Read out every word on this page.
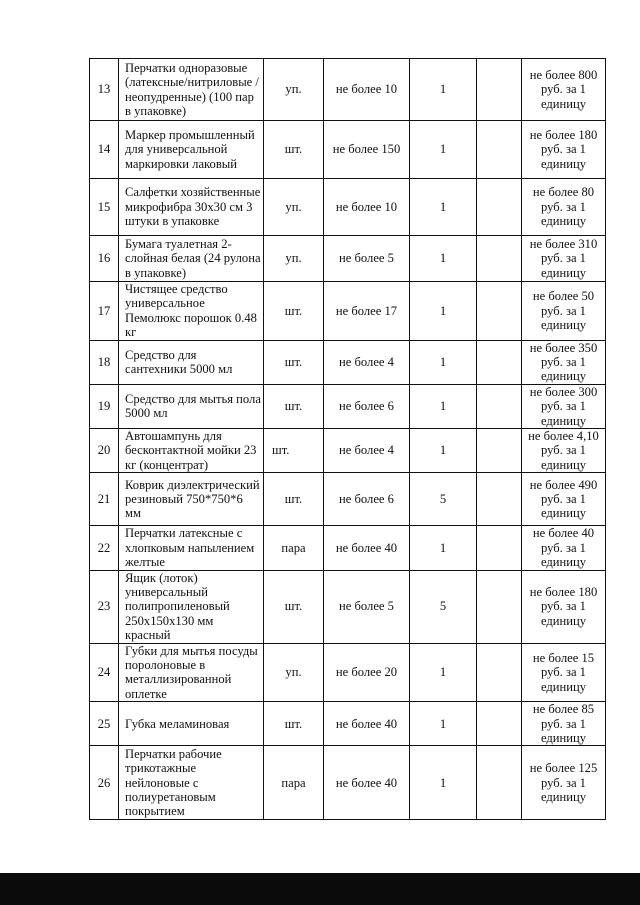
13	Перчатки одноразовые (латексные/нитриловые /неопудренные) (100 пар в упаковке)	уп.	не более 10	1		не более 800 руб. за 1 единицу
14	Маркер промышленный для универсальной маркировки лаковый	шт.	не более 150	1		не более 180 руб. за 1 единицу
15	Салфетки хозяйственные микрофибра 30х30 см 3 штуки в упаковке	уп.	не более 10	1		не более 80 руб. за 1 единицу
16	Бумага туалетная 2-слойная белая (24 рулона в упаковке)	уп.	не более 5	1		не более 310 руб. за 1 единицу
17	Чистящее средство универсальное Пемолюкс порошок 0.48 кг	шт.	не более 17	1		не более 50 руб. за 1 единицу
18	Средство для сантехники 5000 мл	шт.	не более 4	1		не более 350 руб. за 1 единицу
19	Средство для мытья пола 5000 мл	шт.	не более 6	1		не более 300 руб. за 1 единицу
20	Автошампунь для бесконтактной мойки 23 кг (концентрат)	шт.	не более 4	1		не более 4,10 руб. за 1 единицу
21	Коврик диэлектрический резиновый 750*750*6 мм	шт.	не более 6	5		не более 490 руб. за 1 единицу
22	Перчатки латексные с хлопковым напылением желтые	пара	не более 40	1		не более 40 руб. за 1 единицу
23	Ящик (лоток) универсальный полипропиленовый 250х150х130 мм красный	шт.	не более 5	5		не более 180 руб. за 1 единицу
24	Губки для мытья посуды поролоновые в металлизированной оплетке	уп.	не более 20	1		не более 15 руб. за 1 единицу
25	Губка меламиновая	шт.	не более 40	1		не более 85 руб. за 1 единицу
26	Перчатки рабочие трикотажные нейлоновые с полиуретановым покрытием	пара	не более 40	1		не более 125 руб. за 1 единицу
